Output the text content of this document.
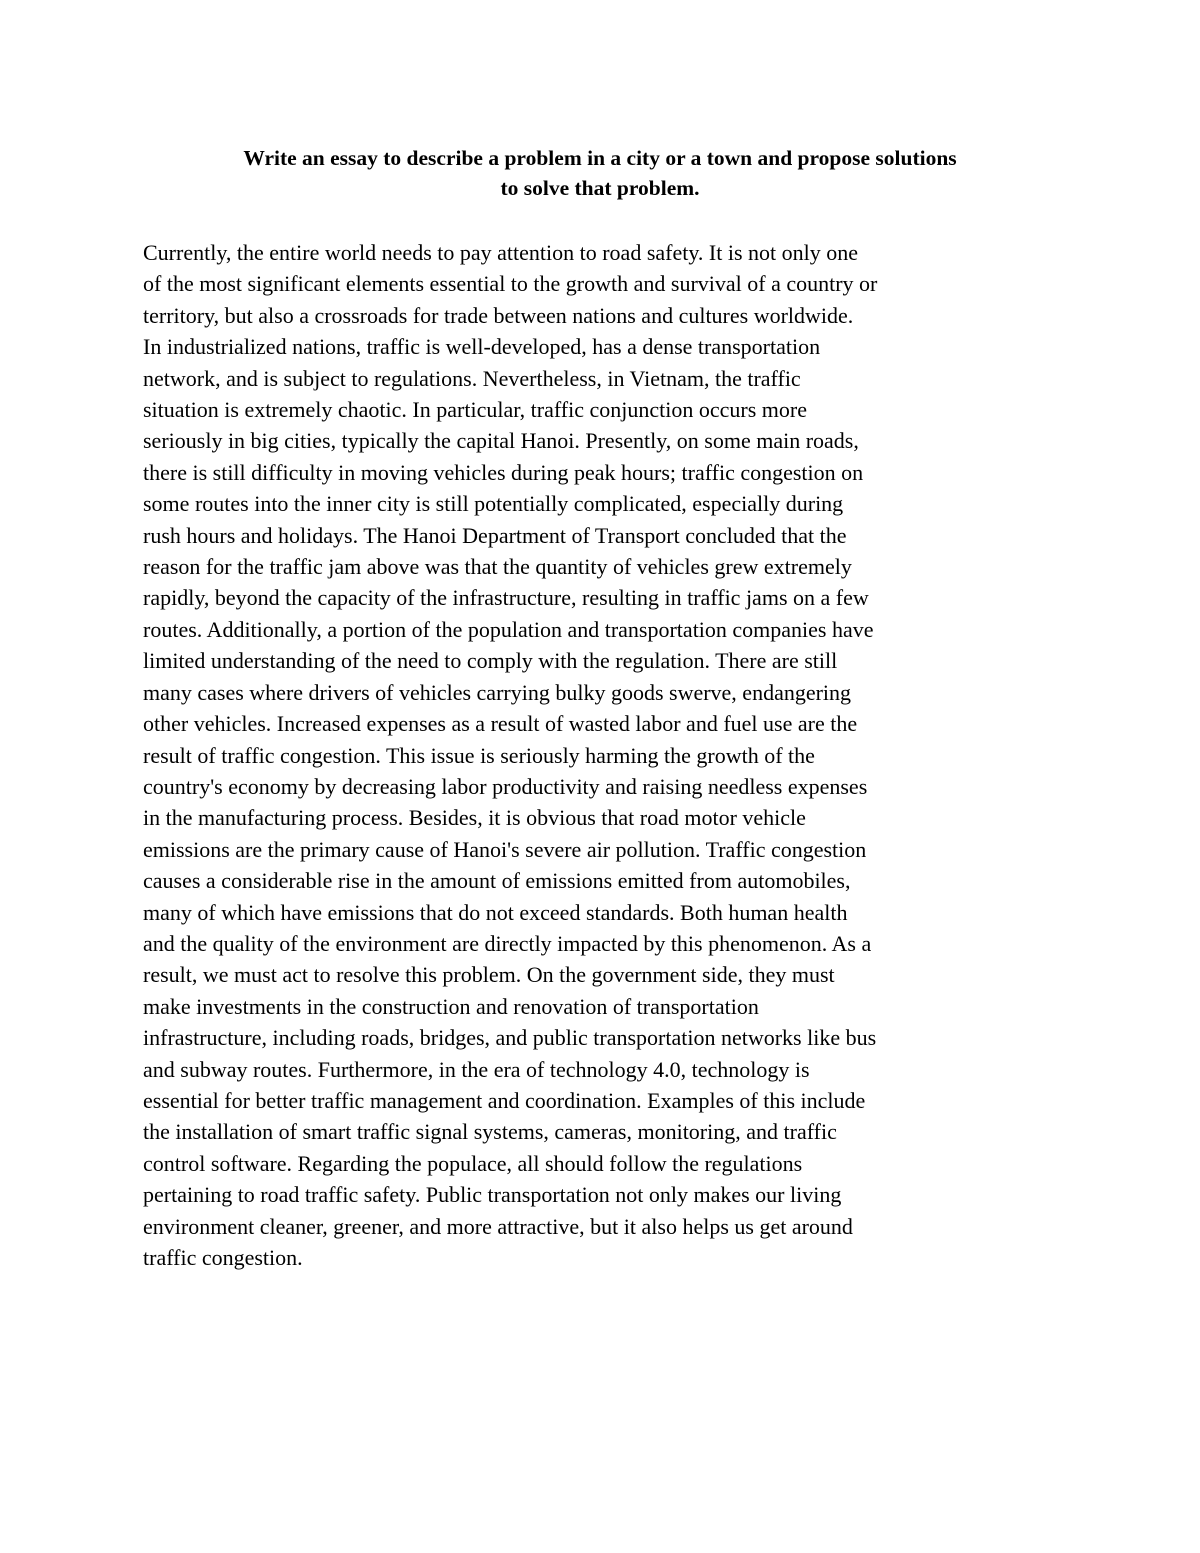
Write an essay to describe a problem in a city or a town and propose solutions
to solve that problem.
Currently, the entire world needs to pay attention to road safety. It is not only one
of the most significant elements essential to the growth and survival of a country or
territory, but also a crossroads for trade between nations and cultures worldwide.
In industrialized nations, traffic is well-developed, has a dense transportation
network, and is subject to regulations. Nevertheless, in Vietnam, the traffic
situation is extremely chaotic. In particular, traffic conjunction occurs more
seriously in big cities, typically the capital Hanoi. Presently, on some main roads,
there is still difficulty in moving vehicles during peak hours; traffic congestion on
some routes into the inner city is still potentially complicated, especially during
rush hours and holidays. The Hanoi Department of Transport concluded that the
reason for the traffic jam above was that the quantity of vehicles grew extremely
rapidly, beyond the capacity of the infrastructure, resulting in traffic jams on a few
routes. Additionally, a portion of the population and transportation companies have
limited understanding of the need to comply with the regulation. There are still
many cases where drivers of vehicles carrying bulky goods swerve, endangering
other vehicles. Increased expenses as a result of wasted labor and fuel use are the
result of traffic congestion. This issue is seriously harming the growth of the
country's economy by decreasing labor productivity and raising needless expenses
in the manufacturing process. Besides, it is obvious that road motor vehicle
emissions are the primary cause of Hanoi's severe air pollution. Traffic congestion
causes a considerable rise in the amount of emissions emitted from automobiles,
many of which have emissions that do not exceed standards. Both human health
and the quality of the environment are directly impacted by this phenomenon. As a
result, we must act to resolve this problem. On the government side, they must
make investments in the construction and renovation of transportation
infrastructure, including roads, bridges, and public transportation networks like bus
and subway routes. Furthermore, in the era of technology 4.0, technology is
essential for better traffic management and coordination. Examples of this include
the installation of smart traffic signal systems, cameras, monitoring, and traffic
control software. Regarding the populace, all should follow the regulations
pertaining to road traffic safety. Public transportation not only makes our living
environment cleaner, greener, and more attractive, but it also helps us get around
traffic congestion.
